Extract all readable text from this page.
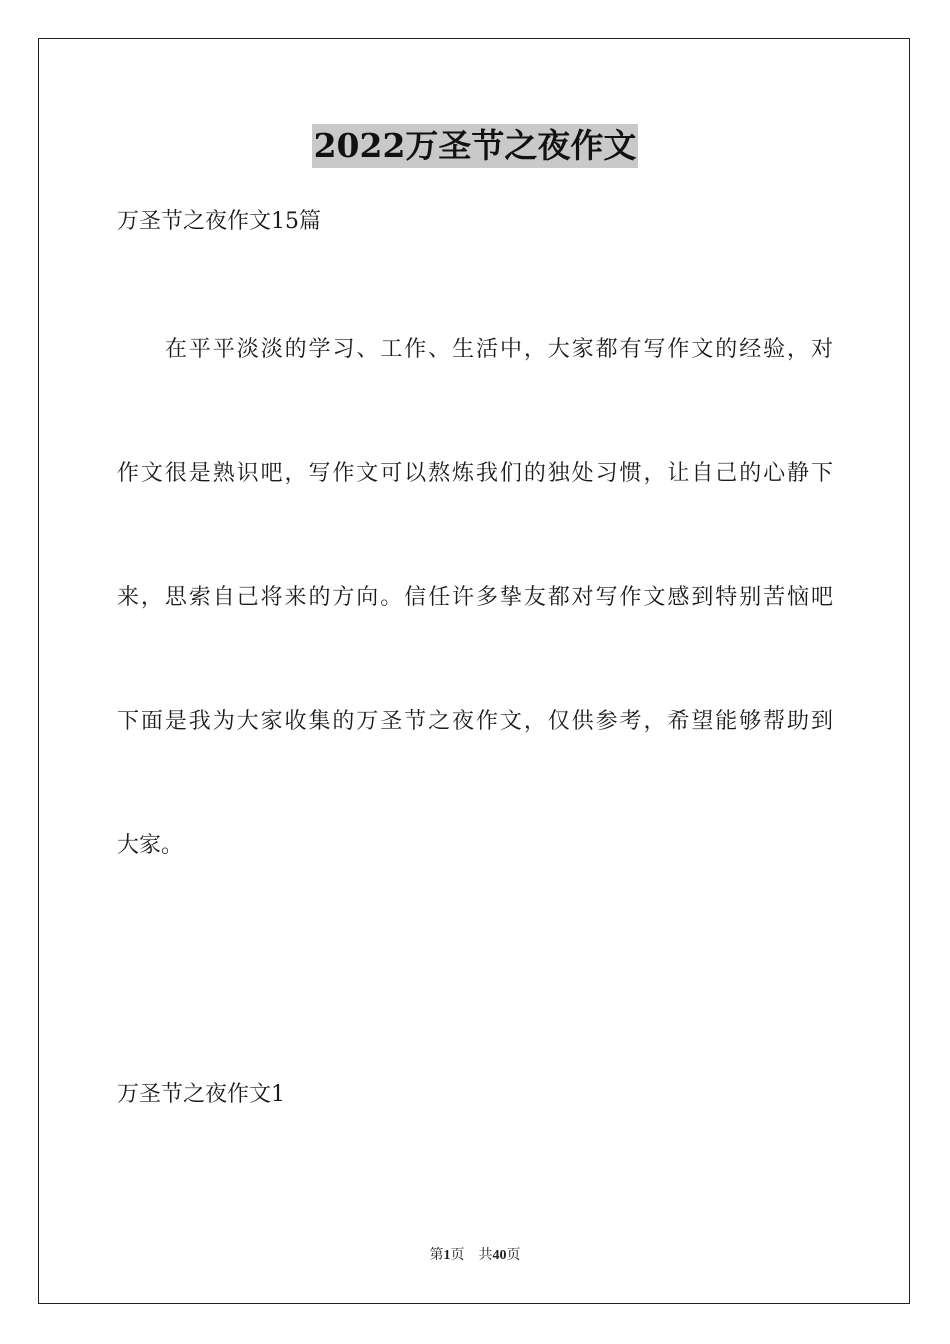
2022万圣节之夜作文
万圣节之夜作文15篇
在平平淡淡的学习、工作、生活中，大家都有写作文的经验，对
作文很是熟识吧，写作文可以熬炼我们的独处习惯，让自己的心静下
来，思索自己将来的方向。信任许多挚友都对写作文感到特别苦恼吧
下面是我为大家收集的万圣节之夜作文，仅供参考，希望能够帮助到
大家。
万圣节之夜作文1
第1页 共40页
